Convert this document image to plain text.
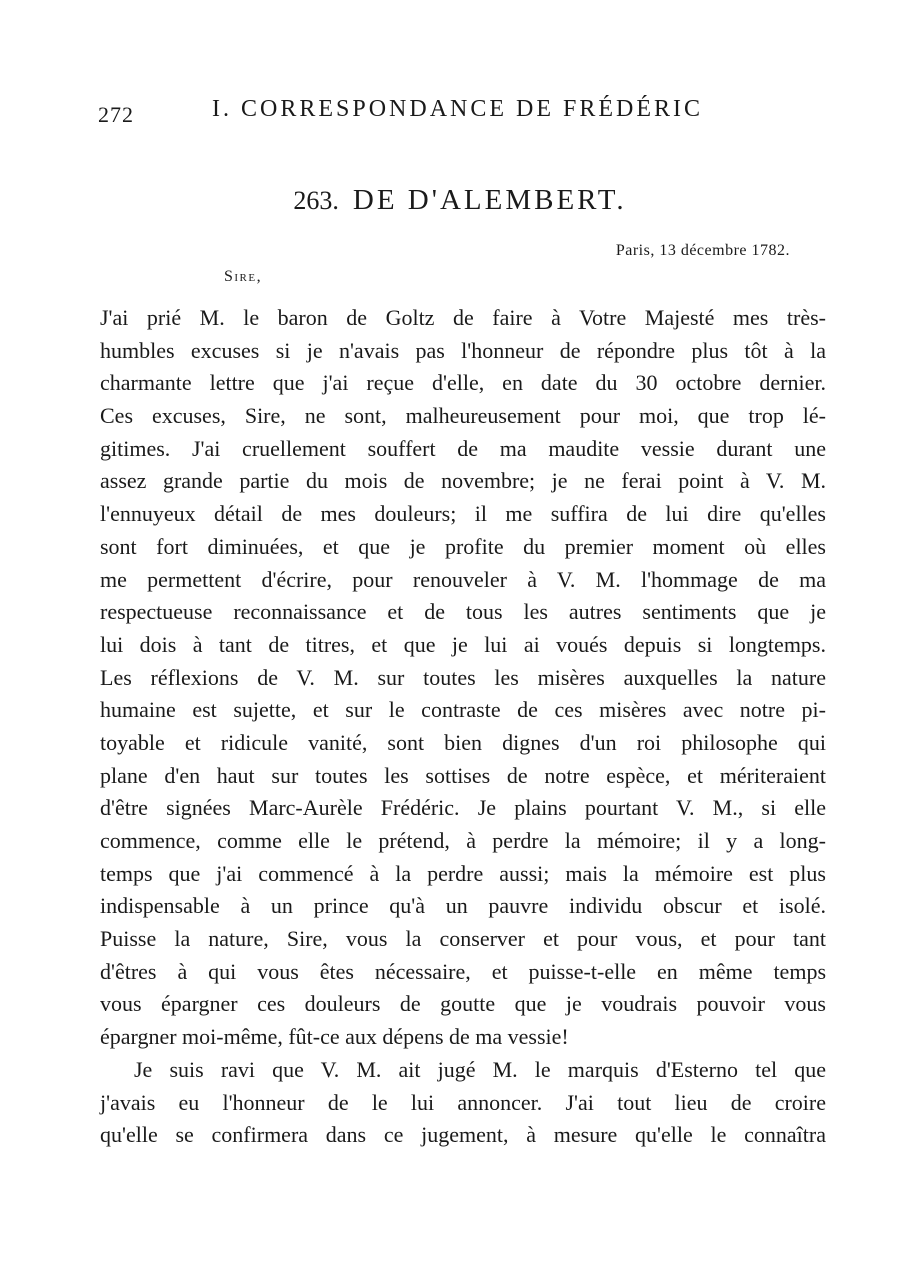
272	I. CORRESPONDANCE DE FRÉDÉRIC
263. DE D'ALEMBERT.
Paris, 13 décembre 1782.
Sire,
J'ai prié M. le baron de Goltz de faire à Votre Majesté mes très-
humbles excuses si je n'avais pas l'honneur de répondre plus tôt à la
charmante lettre que j'ai reçue d'elle, en date du 30 octobre dernier.
Ces excuses, Sire, ne sont, malheureusement pour moi, que trop lé-
gitimes. J'ai cruellement souffert de ma maudite vessie durant une
assez grande partie du mois de novembre; je ne ferai point à V. M.
l'ennuyeux détail de mes douleurs; il me suffira de lui dire qu'elles
sont fort diminuées, et que je profite du premier moment où elles
me permettent d'écrire, pour renouveler à V. M. l'hommage de ma
respectueuse reconnaissance et de tous les autres sentiments que je
lui dois à tant de titres, et que je lui ai voués depuis si longtemps.
Les réflexions de V. M. sur toutes les misères auxquelles la nature
humaine est sujette, et sur le contraste de ces misères avec notre pi-
toyable et ridicule vanité, sont bien dignes d'un roi philosophe qui
plane d'en haut sur toutes les sottises de notre espèce, et mériteraient
d'être signées Marc-Aurèle Frédéric. Je plains pourtant V. M., si elle
commence, comme elle le prétend, à perdre la mémoire; il y a long-
temps que j'ai commencé à la perdre aussi; mais la mémoire est plus
indispensable à un prince qu'à un pauvre individu obscur et isolé.
Puisse la nature, Sire, vous la conserver et pour vous, et pour tant
d'êtres à qui vous êtes nécessaire, et puisse-t-elle en même temps
vous épargner ces douleurs de goutte que je voudrais pouvoir vous
épargner moi-même, fût-ce aux dépens de ma vessie!
Je suis ravi que V. M. ait jugé M. le marquis d'Esterno tel que
j'avais eu l'honneur de le lui annoncer. J'ai tout lieu de croire
qu'elle se confirmera dans ce jugement, à mesure qu'elle le connaîtra
